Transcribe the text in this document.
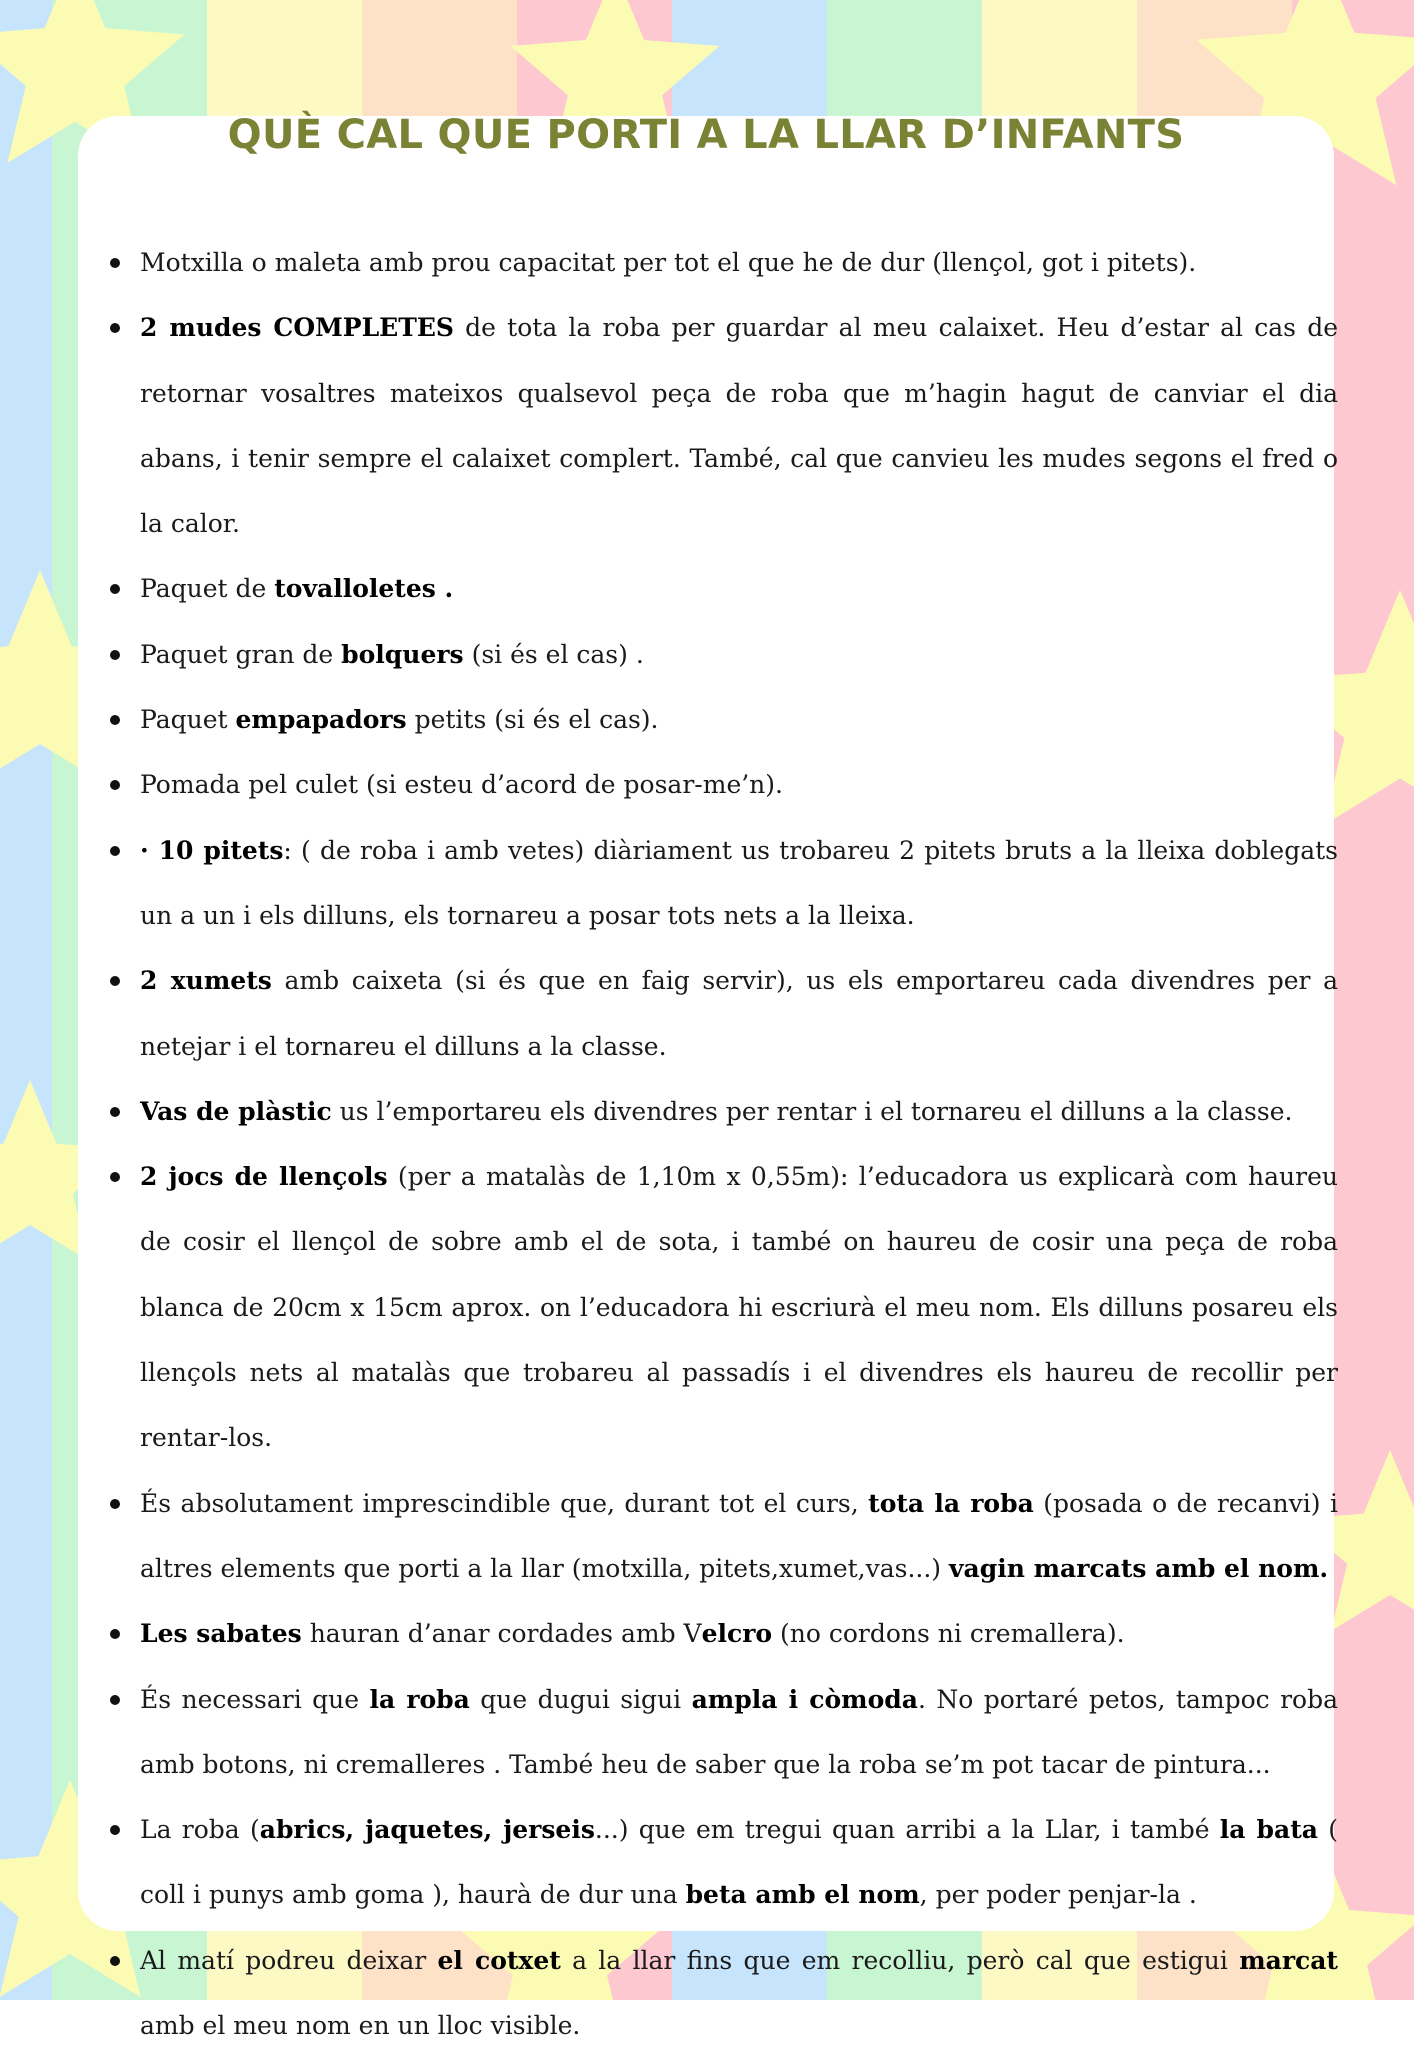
QUÈ CAL QUE PORTI A LA LLAR D’INFANTS
Motxilla o maleta amb prou capacitat per tot el que he de dur (llençol, got i pitets).
2 mudes COMPLETES de tota la roba per guardar al meu calaixet. Heu d’estar al cas de retornar vosaltres mateixos qualsevol peça de roba que m’hagin hagut de canviar el dia abans, i tenir sempre el calaixet complert. També, cal que canvieu les mudes segons el fred o la calor.
Paquet de tovalloletes .
Paquet gran de bolquers (si és el cas) .
Paquet empapadors petits (si és el cas).
Pomada pel culet (si esteu d’acord de posar-me’n).
· 10 pitets: ( de roba i amb vetes) diàriament us trobareu 2 pitets bruts a la lleixa doblegats un a un i els dilluns, els tornareu a posar tots nets a la lleixa.
2 xumets amb caixeta (si és que en faig servir), us els emportareu cada divendres per a netejar i el tornareu el dilluns a la classe.
Vas de plàstic us l’emportareu els divendres per rentar i el tornareu el dilluns a la classe.
2 jocs de llençols (per a matalàs de 1,10m x 0,55m): l’educadora us explicarà com haureu de cosir el llençol de sobre amb el de sota, i també on haureu de cosir una peça de roba blanca de 20cm x 15cm aprox. on l’educadora hi escriurà el meu nom. Els dilluns posareu els llençols nets al matalàs que trobareu al passadís i el divendres els haureu de recollir per rentar-los.
És absolutament imprescindible que, durant tot el curs, tota la roba (posada o de recanvi) i altres elements que porti a la llar (motxilla, pitets,xumet,vas...) vagin marcats amb el nom.
Les sabates hauran d’anar cordades amb Velcro (no cordons ni cremallera).
És necessari que la roba que dugui sigui ampla i còmoda. No portaré petos, tampoc roba amb botons, ni cremalleres . També heu de saber que la roba se’m pot tacar de pintura...
La roba (abrics, jaquetes, jerseis...) que em tregui quan arribi a la Llar, i també la bata ( coll i punys amb goma ), haurà de dur una beta amb el nom, per poder penjar-la .
Al matí podreu deixar el cotxet a la llar fins que em recolliu, però cal que estigui marcat amb el meu nom en un lloc visible.
